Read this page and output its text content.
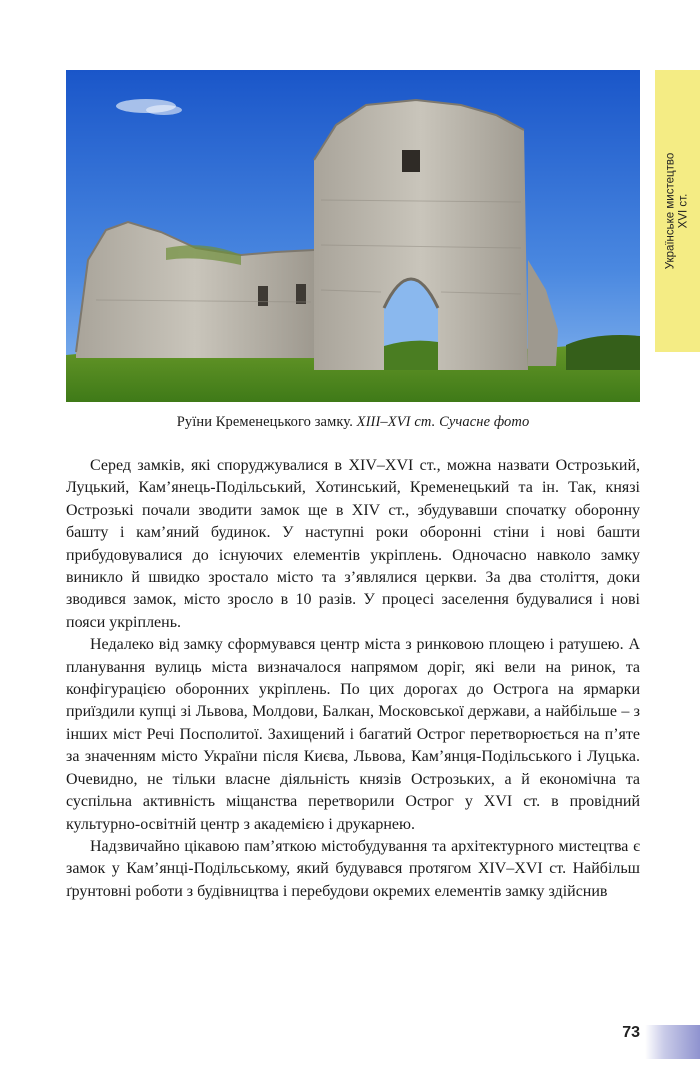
Українське мистецтво XVI ст.
Руїни Кременецького замку. XIII–XVI ст. Сучасне фото

Серед замків, які споруджувалися в XIV–XVI ст., можна назвати Острозький, Луцький, Кам’янець-Подільський, Хотинський, Кременецький та ін. Так, князі Острозькі почали зводити замок ще в XIV ст., збудувавши спочатку оборонну башту і кам’яний будинок. У наступні роки оборонні стіни і нові башти прибудовувалися до існуючих елементів укріплень. Одночасно навколо замку виникло й швидко зростало місто та з’являлися церкви. За два століття, доки зводився замок, місто зросло в 10 разів. У процесі заселення будувалися і нові пояси укріплень.

Недалеко від замку сформувався центр міста з ринковою площею і ратушею. А планування вулиць міста визначалося напрямом доріг, які вели на ринок, та конфігурацією оборонних укріплень. По цих дорогах до Острога на ярмарки приїздили купці зі Львова, Молдови, Балкан, Московської держави, а найбільше – з інших міст Речі Посполитої. Захищений і багатий Острог перетворюється на п’яте за значенням місто України після Києва, Львова, Кам’янця-Подільського і Луцька. Очевидно, не тільки власне діяльність князів Острозьких, а й економічна та суспільна активність міщанства перетворили Острог у XVI ст. в провідний культурно-освітній центр з академією і друкарнею.

Надзвичайно цікавою пам’яткою містобудування та архітектурного мистецтва є замок у Кам’янці-Подільському, який будувався протягом XIV–XVI ст. Найбільш ґрунтовні роботи з будівництва і перебудови окремих елементів замку здійснив

73
